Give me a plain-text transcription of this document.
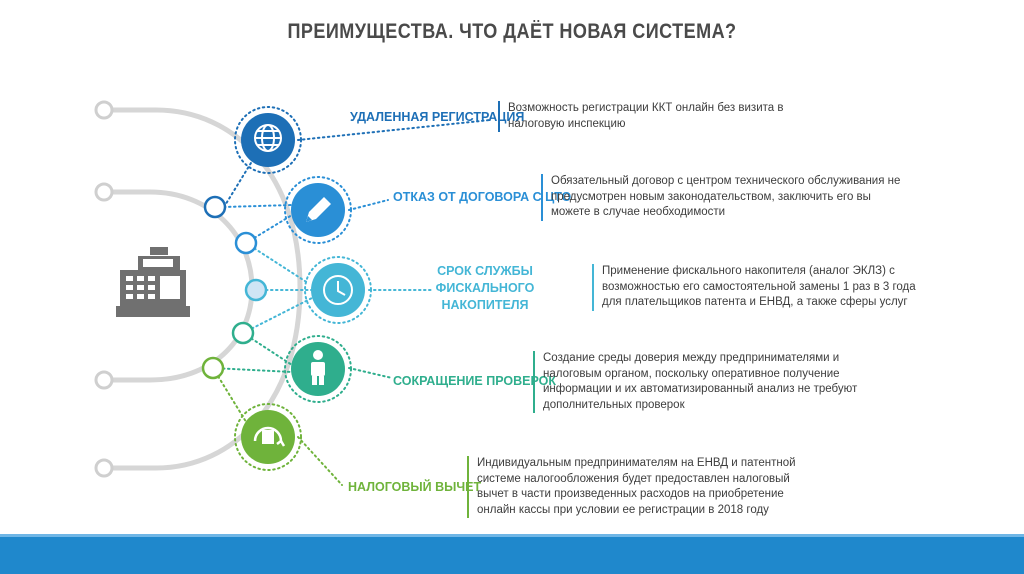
ПРЕИМУЩЕСТВА. ЧТО ДАЁТ НОВАЯ СИСТЕМА?
УДАЛЕННАЯ РЕГИСТРАЦИЯ
Возможность регистрации ККТ онлайн без визита в налоговую инспекцию
ОТКАЗ ОТ ДОГОВОРА С ЦТО
Обязательный договор с центром технического обслуживания не предусмотрен новым законодательством, заключить его вы можете в случае необходимости
СРОК СЛУЖБЫ ФИСКАЛЬНОГО НАКОПИТЕЛЯ
Применение фискального накопителя (аналог ЭКЛЗ) с возможностью его самостоятельной замены 1 раз в 3 года для плательщиков патента и ЕНВД, а также сферы услуг
СОКРАЩЕНИЕ ПРОВЕРОК
Создание среды доверия между предпринимателями и налоговым органом, поскольку оперативное получение информации и их автоматизированный анализ не требуют дополнительных проверок
НАЛОГОВЫЙ ВЫЧЕТ
Индивидуальным предпринимателям на ЕНВД и патентной системе налогообложения будет предоставлен налоговый вычет в части произведенных расходов на приобретение онлайн кассы при условии ее регистрации в 2018 году
